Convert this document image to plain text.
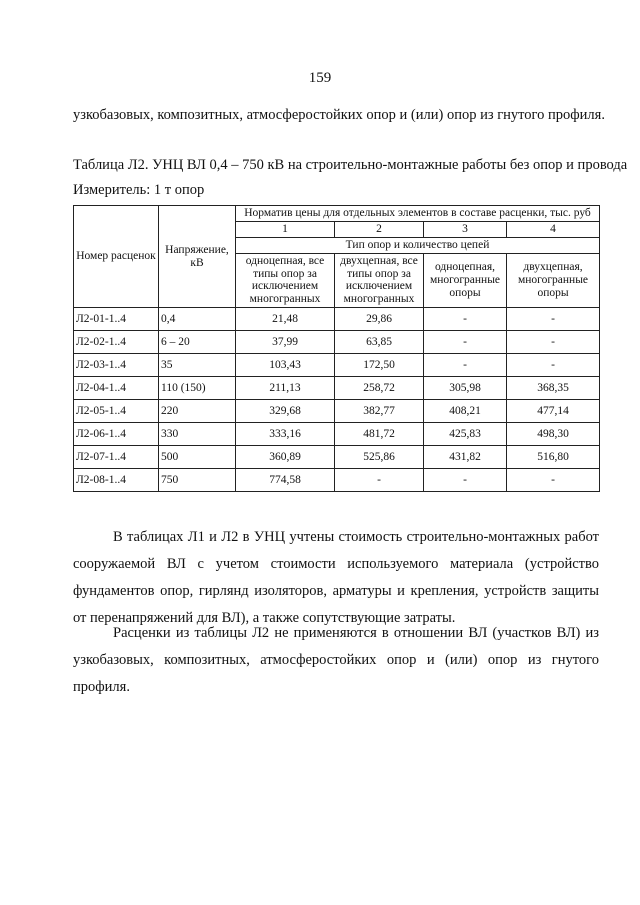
159
узкобазовых, композитных, атмосферостойких опор и (или) опор из гнутого профиля.
Таблица Л2. УНЦ ВЛ 0,4 – 750 кВ на строительно-монтажные работы без опор и провода
Измеритель: 1 т опор
Номер расценок	Напряжение, кВ	Норматив цены для отдельных элементов в составе расценки, тыс. руб			
		1	2	3	4
		Тип опор и количество цепей			
		одноцепная, все типы опор за исключением многогранных	двухцепная, все типы опор за исключением многогранных	одноцепная, многогранные опоры	двухцепная, многогранные опоры
Л2-01-1..4	0,4	21,48	29,86	-	-
Л2-02-1..4	6 – 20	37,99	63,85	-	-
Л2-03-1..4	35	103,43	172,50	-	-
Л2-04-1..4	110 (150)	211,13	258,72	305,98	368,35
Л2-05-1..4	220	329,68	382,77	408,21	477,14
Л2-06-1..4	330	333,16	481,72	425,83	498,30
Л2-07-1..4	500	360,89	525,86	431,82	516,80
Л2-08-1..4	750	774,58	-	-	-
В таблицах Л1 и Л2 в УНЦ учтены стоимость строительно-монтажных работ сооружаемой ВЛ с учетом стоимости используемого материала (устройство фундаментов опор, гирлянд изоляторов, арматуры и крепления, устройств защиты от перенапряжений для ВЛ), а также сопутствующие затраты.
Расценки из таблицы Л2 не применяются в отношении ВЛ (участков ВЛ) из узкобазовых, композитных, атмосферостойких опор и (или) опор из гнутого профиля.
